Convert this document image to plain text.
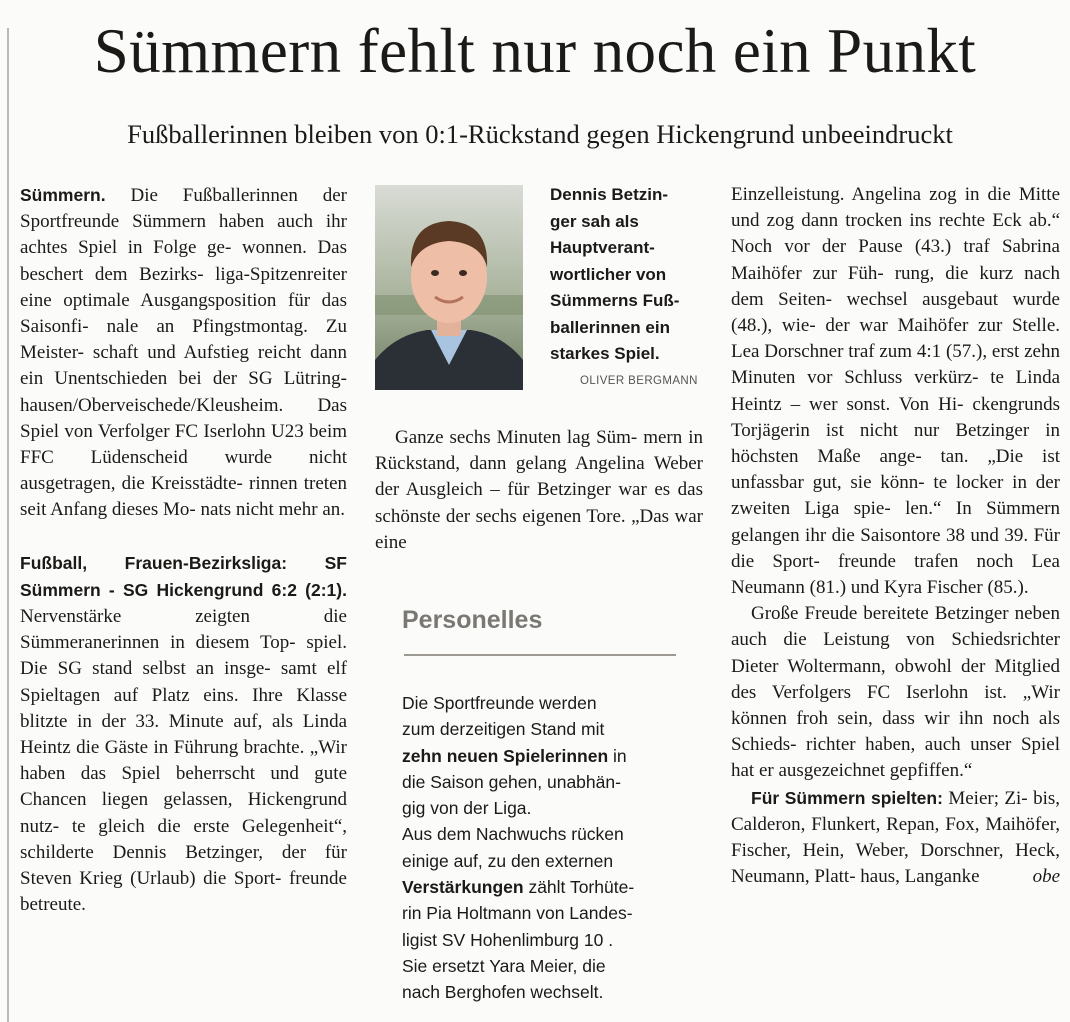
Sümmern fehlt nur noch ein Punkt
Fußballerinnen bleiben von 0:1-Rückstand gegen Hickengrund unbeeindruckt

Sümmern. Die Fußballerinnen der Sportfreunde Sümmern haben auch ihr achtes Spiel in Folge ge- wonnen. Das beschert dem Bezirks- liga-Spitzenreiter eine optimale Ausgangsposition für das Saisonfi- nale an Pfingstmontag. Zu Meister- schaft und Aufstieg reicht dann ein Unentschieden bei der SG Lütring- hausen/Oberveischede/Kleusheim. Das Spiel von Verfolger FC Iserlohn U23 beim FFC Lüdenscheid wurde nicht ausgetragen, die Kreisstädte- rinnen treten seit Anfang dieses Mo- nats nicht mehr an.

Fußball, Frauen-Bezirksliga: SF Sümmern - SG Hickengrund 6:2 (2:1). Nervenstärke zeigten die Sümmeranerinnen in diesem Top- spiel. Die SG stand selbst an insge- samt elf Spieltagen auf Platz eins. Ihre Klasse blitzte in der 33. Minute auf, als Linda Heintz die Gäste in Führung brachte. „Wir haben das Spiel beherrscht und gute Chancen liegen gelassen, Hickengrund nutz- te gleich die erste Gelegenheit“, schilderte Dennis Betzinger, der für Steven Krieg (Urlaub) die Sport- freunde betreute.

Dennis Betzin-
ger sah als
Hauptverant-
wortlicher von
Sümmerns Fuß-
ballerinnen ein
starkes Spiel.
OLIVER BERGMANN

Ganze sechs Minuten lag Süm- mern in Rückstand, dann gelang Angelina Weber der Ausgleich – für Betzinger war es das schönste der sechs eigenen Tore. „Das war eine

Personelles

Die Sportfreunde werden
zum derzeitigen Stand mit
zehn neuen Spielerinnen in
die Saison gehen, unabhän-
gig von der Liga.
Aus dem Nachwuchs rücken
einige auf, zu den externen
Verstärkungen zählt Torhüte-
rin Pia Holtmann von Landes-
ligist SV Hohenlimburg 10 .
Sie ersetzt Yara Meier, die
nach Berghofen wechselt.

Einzelleistung. Angelina zog in die Mitte und zog dann trocken ins rechte Eck ab.“ Noch vor der Pause (43.) traf Sabrina Maihöfer zur Füh- rung, die kurz nach dem Seiten- wechsel ausgebaut wurde (48.), wie- der war Maihöfer zur Stelle. Lea Dorschner traf zum 4:1 (57.), erst zehn Minuten vor Schluss verkürz- te Linda Heintz – wer sonst. Von Hi- ckengrunds Torjägerin ist nicht nur Betzinger in höchsten Maße ange- tan. „Die ist unfassbar gut, sie könn- te locker in der zweiten Liga spie- len.“ In Sümmern gelangen ihr die Saisontore 38 und 39. Für die Sport- freunde trafen noch Lea Neumann (81.) und Kyra Fischer (85.).

Große Freude bereitete Betzinger neben auch die Leistung von Schiedsrichter Dieter Woltermann, obwohl der Mitglied des Verfolgers FC Iserlohn ist. „Wir können froh sein, dass wir ihn noch als Schieds- richter haben, auch unser Spiel hat er ausgezeichnet gepfiffen.“

Für Sümmern spielten: Meier; Zi- bis, Calderon, Flunkert, Repan, Fox, Maihöfer, Fischer, Hein, Weber, Dorschner, Heck, Neumann, Platt- haus, Langanke	obe
